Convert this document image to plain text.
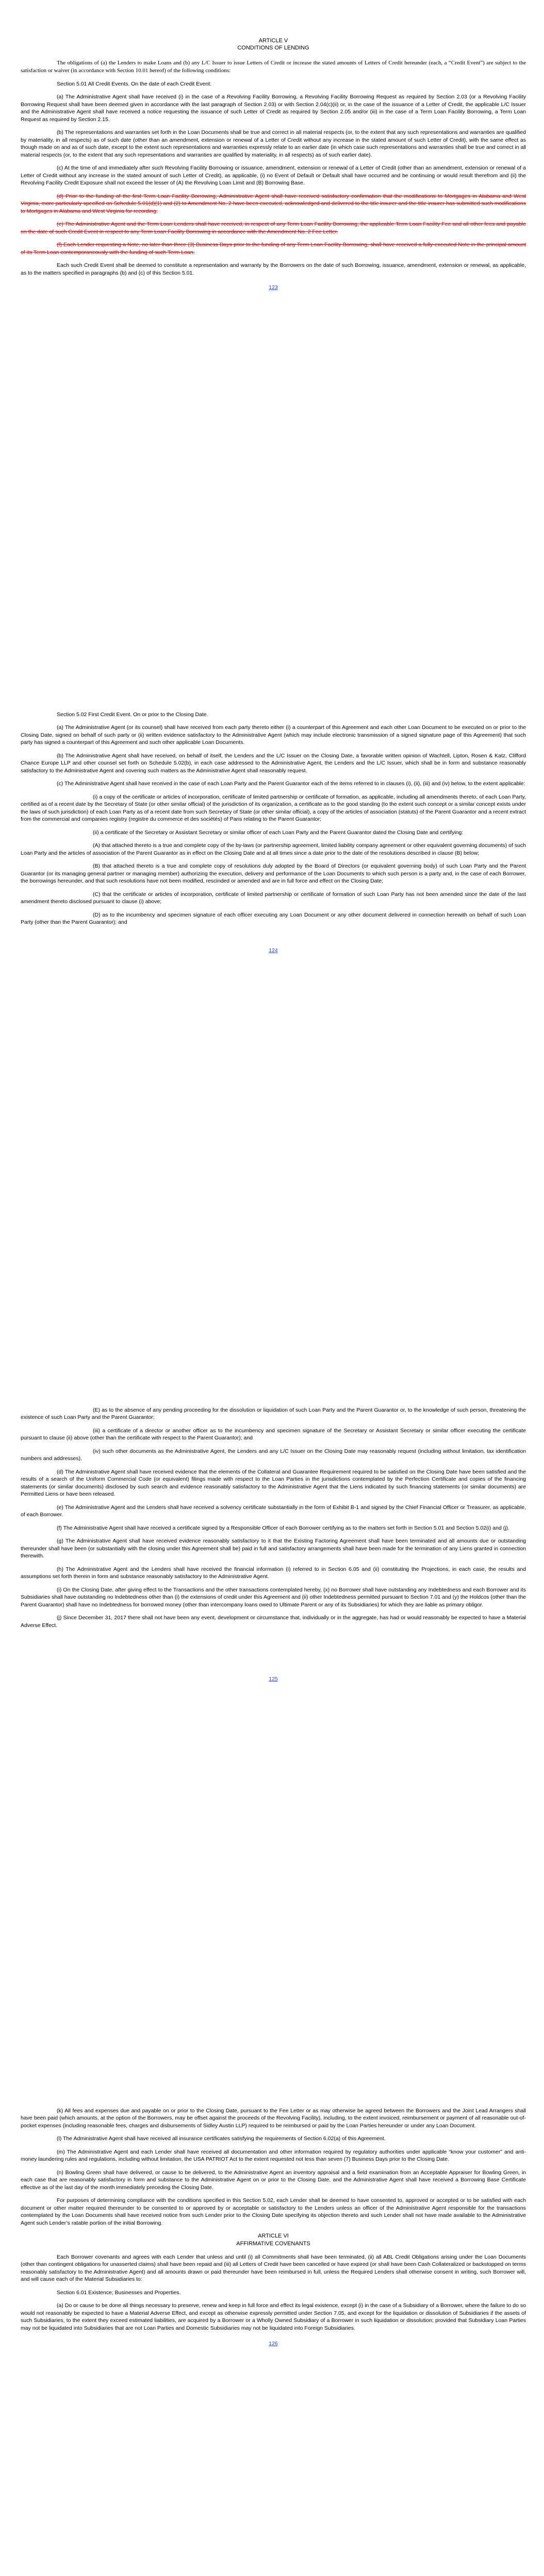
ARTICLE V

CONDITIONS OF LENDING

The obligations of (a) the Lenders to make Loans and (b) any L/C Issuer to issue Letters of Credit or increase the stated amounts of Letters of Credit hereunder (each, a “Credit Event”) are subject to the satisfaction or waiver (in accordance with Section 10.01 hereof) of the following conditions:

Section 5.01 All Credit Events. On the date of each Credit Event:

(a) The Administrative Agent shall have received (i) in the case of a Revolving Facility Borrowing, a Revolving Facility Borrowing Request as required by Section 2.03 (or a Revolving Facility Borrowing Request shall have been deemed given in accordance with the last paragraph of Section 2.03) or with Section 2.04(c)(ii) or, in the case of the issuance of a Letter of Credit, the applicable L/C Issuer and the Administrative Agent shall have received a notice requesting the issuance of such Letter of Credit as required by Section 2.05 and/or (iii) in the case of a Term Loan Facility Borrowing, a Term Loan Request as required by Section 2.15.

(b) The representations and warranties set forth in the Loan Documents shall be true and correct in all material respects (or, to the extent that any such representations and warranties are qualified by materiality, in all respects) as of such date (other than an amendment, extension or renewal of a Letter of Credit without any increase in the stated amount of such Letter of Credit), with the same effect as though made on and as of such date, except to the extent such representations and warranties expressly relate to an earlier date (in which case such representations and warranties shall be true and correct in all material respects (or, to the extent that any such representations and warranties are qualified by materiality, in all respects) as of such earlier date).

(c) At the time of and immediately after such Revolving Facility Borrowing or issuance, amendment, extension or renewal of a Letter of Credit (other than an amendment, extension or renewal of a Letter of Credit without any increase in the stated amount of such Letter of Credit), as applicable, (i) no Event of Default or Default shall have occurred and be continuing or would result therefrom and (ii) the Revolving Facility Credit Exposure shall not exceed the lesser of (A) the Revolving Loan Limit and (B) Borrowing Base.

(d) Prior to the funding of the first Term Loan Facility Borrowing, Administrative Agent shall have received satisfactory confirmation that the modifications to Mortgages in Alabama and West Virginia, more particularly specified on Schedule 5.01(d)(1) and (2) to Amendment No. 2 have been executed, acknowledged and delivered to the title insurer and the title insurer has submitted such modifications to Mortgages in Alabama and West Virginia for recording.

(e) The Administrative Agent and the Term Loan Lenders shall have received, in respect of any Term Loan Facility Borrowing, the applicable Term Loan Facility Fee and all other fees and payable on the date of such Credit Event in respect to any Term Loan Facility Borrowing in accordance with the Amendment No. 2 Fee Letter.

(f) Each Lender requesting a Note, no later than three (3) Business Days prior to the funding of any Term Loan Facility Borrowing, shall have received a fully-executed Note in the principal amount of its Term Loan contemporaneously with the funding of such Term Loan.

Each such Credit Event shall be deemed to constitute a representation and warranty by the Borrowers on the date of such Borrowing, issuance, amendment, extension or renewal, as applicable, as to the matters specified in paragraphs (b) and (c) of this Section 5.01.

123

Section 5.02 First Credit Event. On or prior to the Closing Date.

(a) The Administrative Agent (or its counsel) shall have received from each party thereto either (i) a counterpart of this Agreement and each other Loan Document to be executed on or prior to the Closing Date, signed on behalf of such party or (ii) written evidence satisfactory to the Administrative Agent (which may include electronic transmission of a signed signature page of this Agreement) that such party has signed a counterpart of this Agreement and such other applicable Loan Documents.

(b) The Administrative Agent shall have received, on behalf of itself, the Lenders and the L/C Issuer on the Closing Date, a favorable written opinion of Wachtell, Lipton, Rosen & Katz, Clifford Chance Europe LLP and other counsel set forth on Schedule 5.02(b), in each case addressed to the Administrative Agent, the Lenders and the L/C Issuer, which shall be in form and substance reasonably satisfactory to the Administrative Agent and covering such matters as the Administrative Agent shall reasonably request.

(c) The Administrative Agent shall have received in the case of each Loan Party and the Parent Guarantor each of the items referred to in clauses (i), (ii), (iii) and (iv) below, to the extent applicable:

(i) a copy of the certificate or articles of incorporation, certificate of limited partnership or certificate of formation, as applicable, including all amendments thereto, of each Loan Party, certified as of a recent date by the Secretary of State (or other similar official) of the jurisdiction of its organization, a certificate as to the good standing (to the extent such concept or a similar concept exists under the laws of such jurisdiction) of each Loan Party as of a recent date from such Secretary of State (or other similar official), a copy of the articles of association (statuts) of the Parent Guarantor and a recent extract from the commercial and companies registry (registre du commerce et des sociétés) of Paris relating to the Parent Guarantor;

(ii) a certificate of the Secretary or Assistant Secretary or similar officer of each Loan Party and the Parent Guarantor dated the Closing Date and certifying:

(A) that attached thereto is a true and complete copy of the by-laws (or partnership agreement, limited liability company agreement or other equivalent governing documents) of such Loan Party and the articles of association of the Parent Guarantor as in effect on the Closing Date and at all times since a date prior to the date of the resolutions described in clause (B) below;

(B) that attached thereto is a true and complete copy of resolutions duly adopted by the Board of Directors (or equivalent governing body) of such Loan Party and the Parent Guarantor (or its managing general partner or managing member) authorizing the execution, delivery and performance of the Loan Documents to which such person is a party and, in the case of each Borrower, the borrowings hereunder, and that such resolutions have not been modified, rescinded or amended and are in full force and effect on the Closing Date;

(C) that the certificate or articles of incorporation, certificate of limited partnership or certificate of formation of such Loan Party has not been amended since the date of the last amendment thereto disclosed pursuant to clause (i) above;

(D) as to the incumbency and specimen signature of each officer executing any Loan Document or any other document delivered in connection herewith on behalf of such Loan Party (other than the Parent Guarantor); and

124

(E) as to the absence of any pending proceeding for the dissolution or liquidation of such Loan Party and the Parent Guarantor or, to the knowledge of such person, threatening the existence of such Loan Party and the Parent Guarantor;

(iii) a certificate of a director or another officer as to the incumbency and specimen signature of the Secretary or Assistant Secretary or similar officer executing the certificate pursuant to clause (ii) above (other than the certificate with respect to the Parent Guarantor); and

(iv) such other documents as the Administrative Agent, the Lenders and any L/C Issuer on the Closing Date may reasonably request (including without limitation, tax identification numbers and addresses).

(d) The Administrative Agent shall have received evidence that the elements of the Collateral and Guarantee Requirement required to be satisfied on the Closing Date have been satisfied and the results of a search of the Uniform Commercial Code (or equivalent) filings made with respect to the Loan Parties in the jurisdictions contemplated by the Perfection Certificate and copies of the financing statements (or similar documents) disclosed by such search and evidence reasonably satisfactory to the Administrative Agent that the Liens indicated by such financing statements (or similar documents) are Permitted Liens or have been released.

(e) The Administrative Agent and the Lenders shall have received a solvency certificate substantially in the form of Exhibit B-1 and signed by the Chief Financial Officer or Treasurer, as applicable, of each Borrower.

(f) The Administrative Agent shall have received a certificate signed by a Responsible Officer of each Borrower certifying as to the matters set forth in Section 5.01 and Section 5.02(i) and (j).

(g) The Administrative Agent shall have received evidence reasonably satisfactory to it that the Existing Factoring Agreement shall have been terminated and all amounts due or outstanding thereunder shall have been (or substantially with the closing under this Agreement shall be) paid in full and satisfactory arrangements shall have been made for the termination of any Liens granted in connection therewith.

(h) The Administrative Agent and the Lenders shall have received the financial information (i) referred to in Section 6.05 and (ii) constituting the Projections, in each case, the results and assumptions set forth therein in form and substance reasonably satisfactory to the Administrative Agent.

(i) On the Closing Date, after giving effect to the Transactions and the other transactions contemplated hereby, (x) no Borrower shall have outstanding any Indebtedness and each Borrower and its Subsidiaries shall have outstanding no Indebtedness other than (i) the extensions of credit under this Agreement and (ii) other Indebtedness permitted pursuant to Section 7.01 and (y) the Holdcos (other than the Parent Guarantor) shall have no Indebtedness for borrowed money (other than intercompany loans owed to Ultimate Parent or any of its Subsidiaries) for which they are liable as primary obligor.

(j) Since December 31, 2017 there shall not have been any event, development or circumstance that, individually or in the aggregate, has had or would reasonably be expected to have a Material Adverse Effect.

125

(k) All fees and expenses due and payable on or prior to the Closing Date, pursuant to the Fee Letter or as may otherwise be agreed between the Borrowers and the Joint Lead Arrangers shall have been paid (which amounts, at the option of the Borrowers, may be offset against the proceeds of the Revolving Facility), including, to the extent invoiced, reimbursement or payment of all reasonable out-of-pocket expenses (including reasonable fees, charges and disbursements of Sidley Austin LLP) required to be reimbursed or paid by the Loan Parties hereunder or under any Loan Document.

(l) The Administrative Agent shall have received all insurance certificates satisfying the requirements of Section 6.02(a) of this Agreement.

(m) The Administrative Agent and each Lender shall have received all documentation and other information required by regulatory authorities under applicable “know your customer” and anti-money laundering rules and regulations, including without limitation, the USA PATRIOT Act to the extent requested not less than seven (7) Business Days prior to the Closing Date.

(n) Bowling Green shall have delivered, or cause to be delivered, to the Administrative Agent an inventory appraisal and a field examination from an Acceptable Appraiser for Bowling Green, in each case that are reasonably satisfactory in form and substance to the Administrative Agent on or prior to the Closing Date, and the Administrative Agent shall have received a Borrowing Base Certificate effective as of the last day of the month immediately preceding the Closing Date.

For purposes of determining compliance with the conditions specified in this Section 5.02, each Lender shall be deemed to have consented to, approved or accepted or to be satisfied with each document or other matter required thereunder to be consented to or approved by or acceptable or satisfactory to the Lenders unless an officer of the Administrative Agent responsible for the transactions contemplated by the Loan Documents shall have received notice from such Lender prior to the Closing Date specifying its objection thereto and such Lender shall not have made available to the Administrative Agent such Lender’s ratable portion of the initial Borrowing.

ARTICLE VI

AFFIRMATIVE COVENANTS

Each Borrower covenants and agrees with each Lender that unless and until (i) all Commitments shall have been terminated, (ii) all ABL Credit Obligations arising under the Loan Documents (other than contingent obligations for unasserted claims) shall have been repaid and (iii) all Letters of Credit have been cancelled or have expired (or shall have been Cash Collateralized or backstopped on terms reasonably satisfactory to the Administrative Agent) and all amounts drawn or paid thereunder have been reimbursed in full, unless the Required Lenders shall otherwise consent in writing, such Borrower will, and will cause each of the Material Subsidiaries to:

Section 6.01 Existence; Businesses and Properties.

(a) Do or cause to be done all things necessary to preserve, renew and keep in full force and effect its legal existence, except (i) in the case of a Subsidiary of a Borrower, where the failure to do so would not reasonably be expected to have a Material Adverse Effect, and except as otherwise expressly permitted under Section 7.05, and except for the liquidation or dissolution of Subsidiaries if the assets of such Subsidiaries, to the extent they exceed estimated liabilities, are acquired by a Borrower or a Wholly Owned Subsidiary of a Borrower in such liquidation or dissolution; provided that Subsidiary Loan Parties may not be liquidated into Subsidiaries that are not Loan Parties and Domestic Subsidiaries may not be liquidated into Foreign Subsidiaries.

126
